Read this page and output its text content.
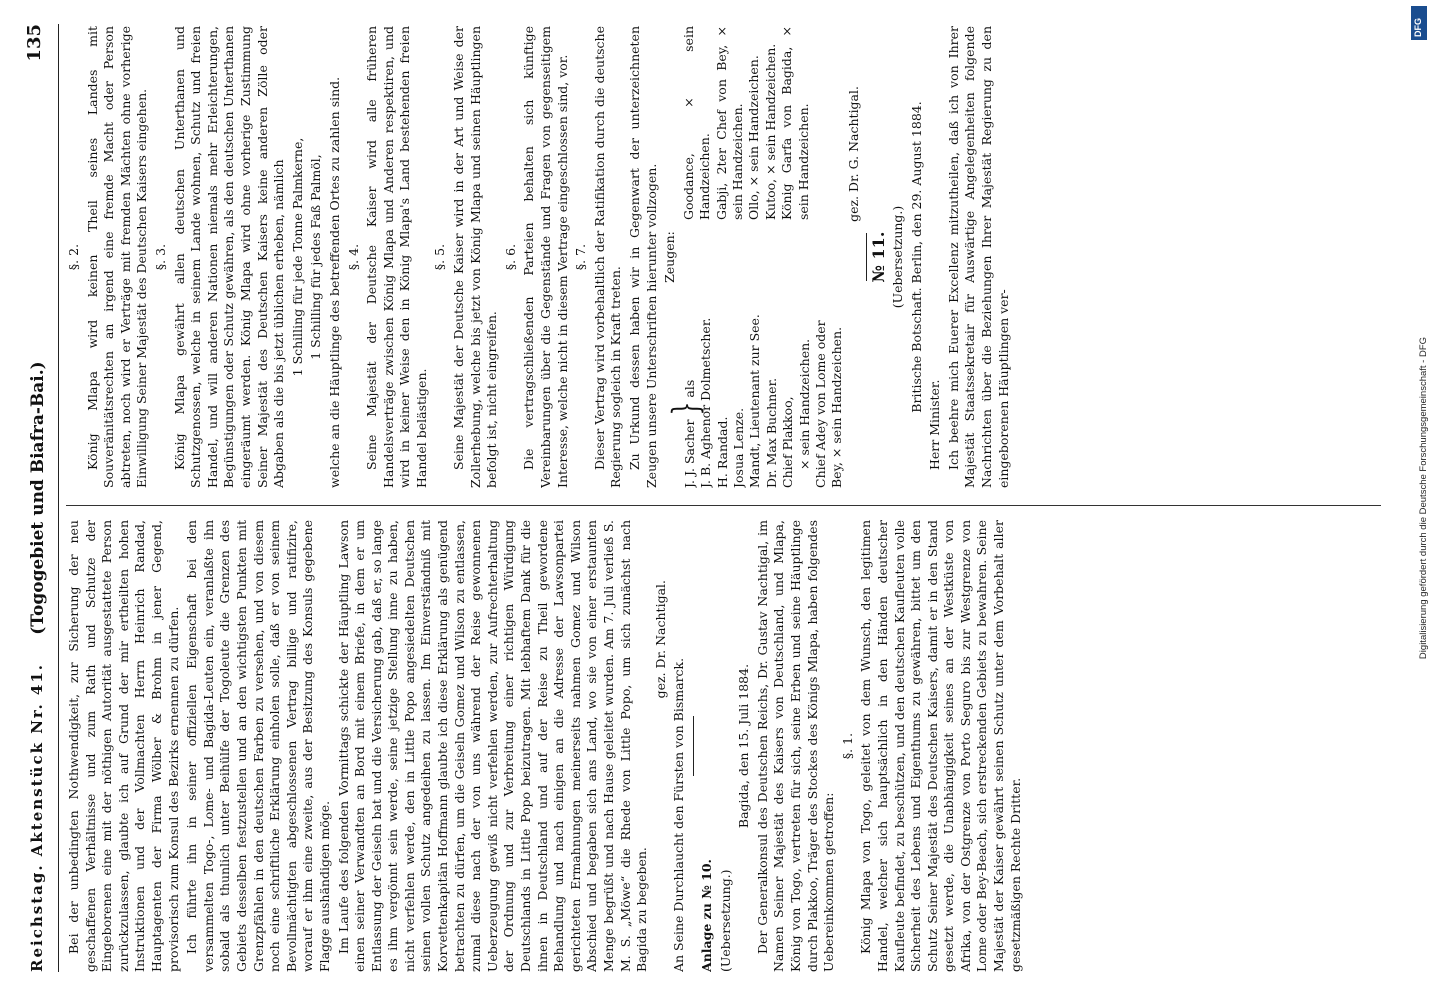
Reichstag. Aktenstück Nr. 41.
(Togogebiet und Biafra-Bai.)
135

Bei der unbedingten Nothwendigkeit, zur Sicherung der neu geschaffenen Verhältnisse und zum Rath und Schutze der Eingeborenen eine mit der nöthigen Autorität ausgestattete Person zurückzulassen, glaubte ich auf Grund der mir ertheilten hohen Instruktionen und der Vollmachten Herrn Heinrich Randad, Hauptagenten der Firma Wölber & Brohm in jener Gegend, provisorisch zum Konsul des Bezirks ernennen zu dürfen. Ich führte ihn in seiner offiziellen Eigenschaft bei den versammelten Togo-, Lome- und Bagida-Leuten ein, veranlaßte ihn sobald als thunlich unter Beihülfe der Togoleute die Grenzen des Gebiets desselben festzustellen und an den wichtigsten Punkten mit Grenzpfählen in den deutschen Farben zu versehen, und von diesem noch eine schriftliche Erklärung einholen solle, daß er von seinem Bevollmächtigten abgeschlossenen Vertrag billige und ratifizire, worauf er ihm eine zweite, aus der Besitzung des Konsuls gegebene Flagge aushändigen möge. Im Laufe des folgenden Vormittags schickte der Häuptling Lawson einen seiner Verwandten an Bord mit einem Briefe, in dem er um Entlassung der Geiseln bat und die Versicherung gab, daß er, so lange es ihm vergönnt sein werde, seine jetzige Stellung inne zu haben, nicht verfehlen werde, den in Little Popo angesiedelten Deutschen seinen vollen Schutz angedeihen zu lassen. Im Einverständniß mit Korvettenkapitän Hoffmann glaubte ich diese Erklärung als genügend betrachten zu dürfen, um die Geiseln Gomez und Wilson zu entlassen, zumal diese nach der von uns während der Reise gewonnenen Ueberzeugung gewiß nicht verfehlen werden, zur Aufrechterhaltung der Ordnung und zur Verbreitung einer richtigen Würdigung Deutschlands in Little Popo beizutragen. Mit lebhaftem Dank für die ihnen in Deutschland und auf der Reise zu Theil gewordene Behandlung und nach einigen an die Adresse der Lawsonpartei gerichteten Ermahnungen meinerseits nahmen Gomez und Wilson Abschied und begaben sich ans Land, wo sie von einer erstaunten Menge begrüßt und nach Hause geleitet wurden. Am 7. Juli verließ S. M. S. „Möwe“ die Rhede von Little Popo, um sich zunächst nach Bagida zu begeben.

gez. Dr. Nachtigal.

An Seine Durchlaucht den Fürsten von Bismarck. Anlage zu № 10. (Uebersetzung.)

Bagida, den 15. Juli 1884. Der Generalkonsul des Deutschen Reichs, Dr. Gustav Nachtigal, im Namen Seiner Majestät des Kaisers von Deutschland, und Mlapa, König von Togo, vertreten für sich, seine Erben und seine Häuptlinge durch Plakkoo, Träger des Stockes des Königs Mlapa, haben folgendes Uebereinkommen getroffen:

§. 1. König Mlapa von Togo, geleitet von dem Wunsch, den legitimen Handel, welcher sich hauptsächlich in den Händen deutscher Kaufleute befindet, zu beschützen, und den deutschen Kaufleuten volle Sicherheit des Lebens und Eigenthums zu gewähren, bittet um den Schutz Seiner Majestät des Deutschen Kaisers, damit er in den Stand gesetzt werde, die Unabhängigkeit seines an der Westküste von Afrika, von der Ostgrenze von Porto Seguro bis zur Westgrenze von Lome oder Bey-Beach, sich erstreckenden Gebiets zu bewahren. Seine Majestät der Kaiser gewährt seinen Schutz unter dem Vorbehalt aller gesetzmäßigen Rechte Dritter.

§. 2. König Mlapa wird keinen Theil seines Landes mit Souveränitätsrechten an irgend eine fremde Macht oder Person abtreten, noch wird er Verträge mit fremden Mächten ohne vorherige Einwilligung Seiner Majestät des Deutschen Kaisers eingehen. §. 3. König Mlapa gewährt allen deutschen Unterthanen und Schutzgenossen, welche in seinem Lande wohnen, Schutz und freien Handel, und will anderen Nationen niemals mehr Erleichterungen, Begünstigungen oder Schutz gewähren, als den deutschen Unterthanen eingeräumt werden. König Mlapa wird ohne vorherige Zustimmung Seiner Majestät des Deutschen Kaisers keine anderen Zölle oder Abgaben als die bis jetzt üblichen erheben, nämlich 1 Schilling für jede Tonne Palmkerne, 1 Schilling für jedes Faß Palmöl, welche an die Häuptlinge des betreffenden Ortes zu zahlen sind. §. 4. Seine Majestät der Deutsche Kaiser wird alle früheren Handelsverträge zwischen König Mlapa und Anderen respektiren, und wird in keiner Weise den in König Mlapa's Land bestehenden freien Handel belästigen.

§. 5. Seine Majestät der Deutsche Kaiser wird in der Art und Weise der Zollerhebung, welche bis jetzt von König Mlapa und seinen Häuptlingen befolgt ist, nicht eingreifen.

§. 6. Die vertragschließenden Parteien behalten sich künftige Vereinbarungen über die Gegenstände und Fragen von gegenseitigem Interesse, welche nicht in diesem Vertrage eingeschlossen sind, vor. §. 7. Dieser Vertrag wird vorbehaltlich der Ratifikation durch die deutsche Regierung sogleich in Kraft treten. Zu Urkund dessen haben wir in Gegenwart der unterzeichneten Zeugen unsere Unterschriften hierunter vollzogen. Zeugen:

J. J. Sacher } als
J. B. Aghenor Dolmetscher.
H. Randad. Josua Lenze. Mandt, Lieutenant zur See. Dr. Max Buchner. Chief Plakkoo, × sein Handzeichen. Chief Adey von Lome oder Bey, × sein Handzeichen.

Goodance, × sein Handzeichen. Gabji, 2ter Chef von Bey, × sein Handzeichen. Ollo, × sein Handzeichen. Kutoo, × sein Handzeichen. König Garfa von Bagida, × sein Handzeichen.	gez. Dr. G. Nachtigal.

№ 11. (Uebersetzung.) Britische Botschaft. Berlin, den 29. August 1884.

Herr Minister. Ich beehre mich Euerer Excellenz mitzutheilen, daß ich von Ihrer Majestät Staatssekretair für Auswärtige Angelegenheiten folgende Nachrichten über die Beziehungen Ihrer Majestät Regierung zu den eingeborenen Häuptlingen ver-	Digitalisierung gefördert durch die Deutsche Forschungsgemeinschaft - DFG
DFG
